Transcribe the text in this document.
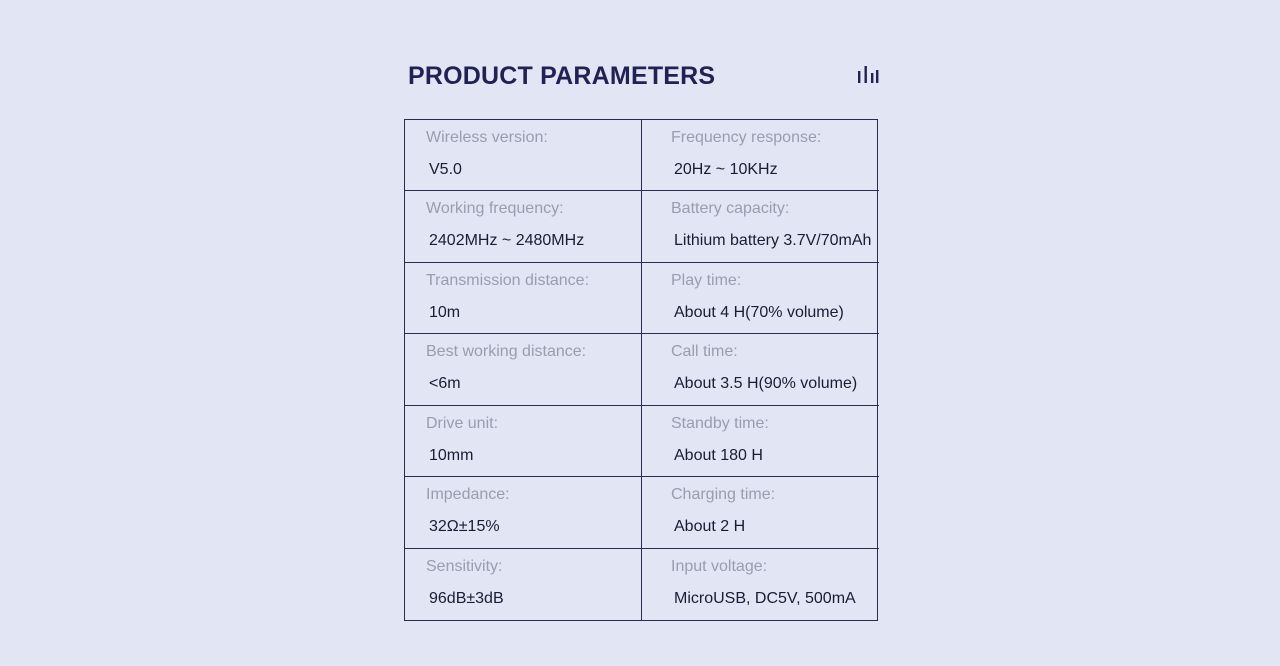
PRODUCT PARAMETERS
Wireless version:
V5.0
Frequency response:
20Hz ~ 10KHz
Working frequency:
2402MHz ~ 2480MHz
Battery capacity:
Lithium battery 3.7V/70mAh
Transmission distance:
10m
Play time:
About 4 H(70% volume)
Best working distance:
<6m
Call time:
About 3.5 H(90% volume)
Drive unit:
10mm
Standby time:
About 180 H
Impedance:
32Ω±15%
Charging time:
About 2 H
Sensitivity:
96dB±3dB
Input voltage:
MicroUSB, DC5V, 500mA
